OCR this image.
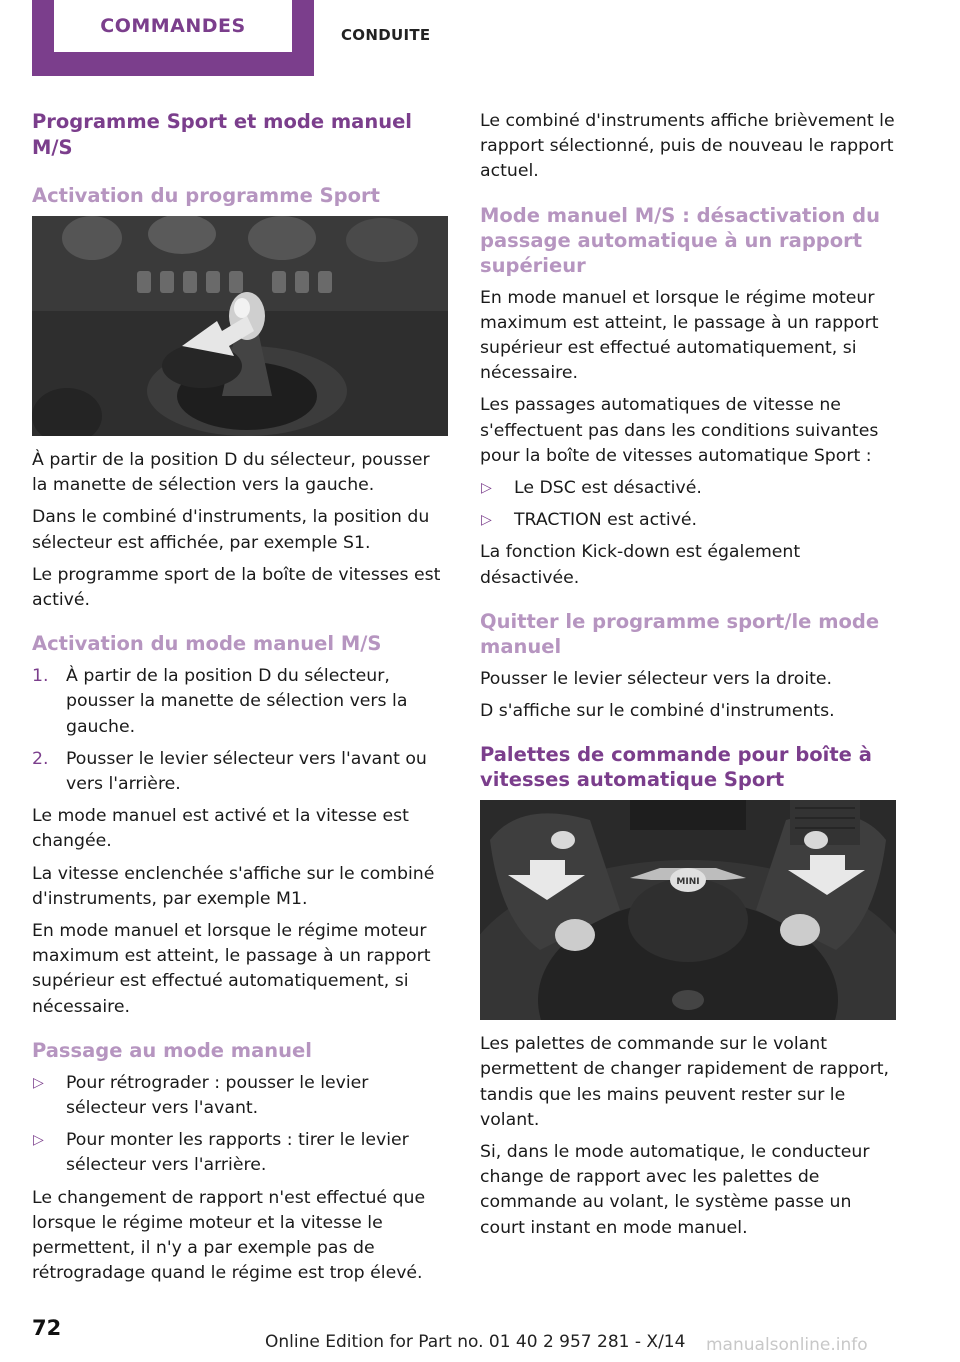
COMMANDES	CONDUITE
Programme Sport et mode manuel M/S
Activation du programme Sport

À partir de la position D du sélecteur, pousser la manette de sélection vers la gauche.

Dans le combiné d'instruments, la position du sélecteur est affichée, par exemple S1.

Le programme sport de la boîte de vitesses est activé.

Activation du mode manuel M/S
1. À partir de la position D du sélecteur, pousser la manette de sélection vers la gauche.
2. Pousser le levier sélecteur vers l'avant ou vers l'arrière.

Le mode manuel est activé et la vitesse est changée.

La vitesse enclenchée s'affiche sur le combiné d'instruments, par exemple M1.

En mode manuel et lorsque le régime moteur maximum est atteint, le passage à un rapport supérieur est effectué automatiquement, si nécessaire.

Passage au mode manuel
▷ Pour rétrograder : pousser le levier sélecteur vers l'avant.
▷ Pour monter les rapports : tirer le levier sélecteur vers l'arrière.

Le changement de rapport n'est effectué que lorsque le régime moteur et la vitesse le permettent, il n'y a par exemple pas de rétrogradage quand le régime est trop élevé.

Le combiné d'instruments affiche brièvement le rapport sélectionné, puis de nouveau le rapport actuel.

Mode manuel M/S : désactivation du passage automatique à un rapport supérieur

En mode manuel et lorsque le régime moteur maximum est atteint, le passage à un rapport supérieur est effectué automatiquement, si nécessaire.

Les passages automatiques de vitesse ne s'effectuent pas dans les conditions suivantes pour la boîte de vitesses automatique Sport :

▷ Le DSC est désactivé.
▷ TRACTION est activé.

La fonction Kick-down est également désactivée.

Quitter le programme sport/le mode manuel

Pousser le levier sélecteur vers la droite.

D s'affiche sur le combiné d'instruments.

Palettes de commande pour boîte à vitesses automatique Sport
MINI

Les palettes de commande sur le volant permettent de changer rapidement de rapport, tandis que les mains peuvent rester sur le volant.

Si, dans le mode automatique, le conducteur change de rapport avec les palettes de commande au volant, le système passe un court instant en mode manuel.

72
Online Edition for Part no. 01 40 2 957 281 - X/14 manualsonline.info
